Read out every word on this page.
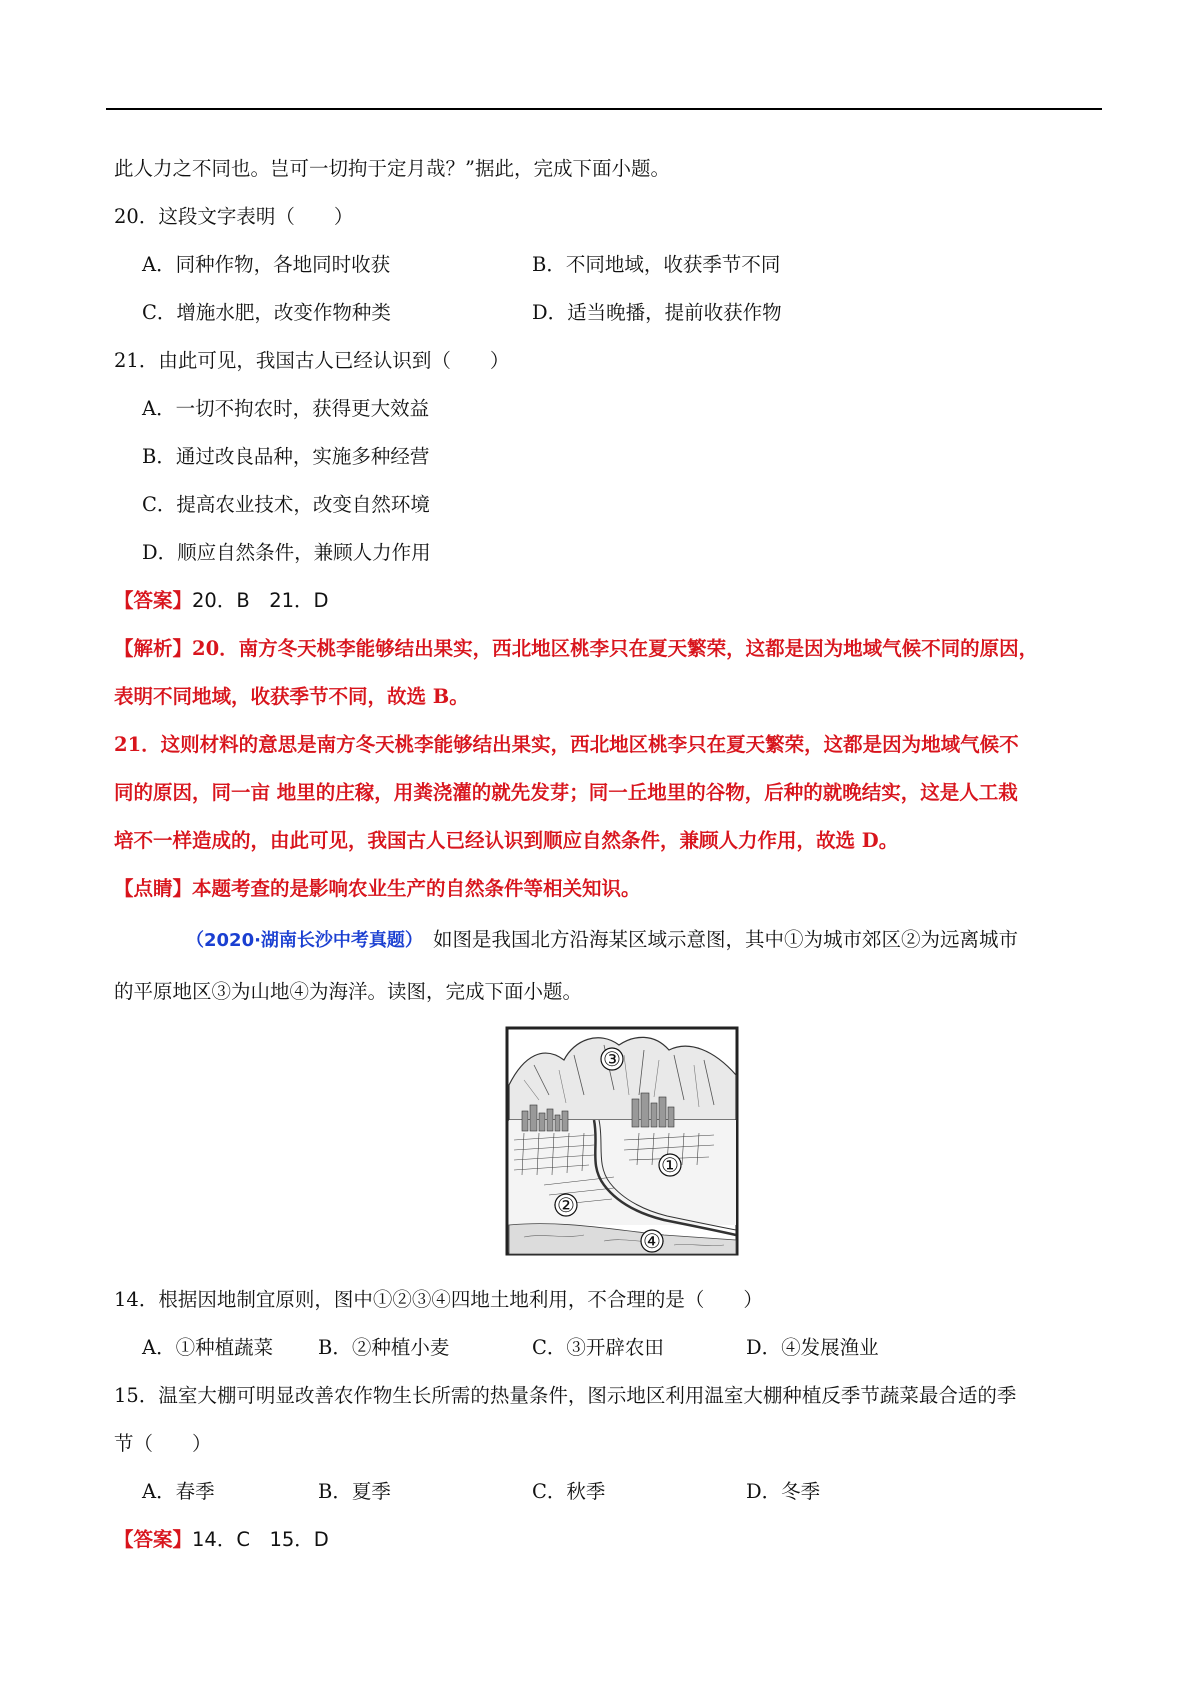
此人力之不同也。岂可一切拘于定月哉？”据此，完成下面小题。
20．这段文字表明（　　）
A．同种作物，各地同时收获	B．不同地域，收获季节不同
C．增施水肥，改变作物种类	D．适当晚播，提前收获作物
21．由此可见，我国古人已经认识到（　　）
A．一切不拘农时，获得更大效益
B．通过改良品种，实施多种经营
C．提高农业技术，改变自然环境
D．顺应自然条件，兼顾人力作用
【答案】20．B　21．D
【解析】20．南方冬天桃李能够结出果实，西北地区桃李只在夏天繁荣，这都是因为地域气候不同的原因，
表明不同地域，收获季节不同，故选 B。
21．这则材料的意思是南方冬天桃李能够结出果实，西北地区桃李只在夏天繁荣，这都是因为地域气候不
同的原因，同一亩 地里的庄稼，用粪浇灌的就先发芽；同一丘地里的谷物，后种的就晚结实，这是人工栽
培不一样造成的，由此可见，我国古人已经认识到顺应自然条件，兼顾人力作用，故选 D。
【点睛】本题考查的是影响农业生产的自然条件等相关知识。
（2020·湖南长沙中考真题） 如图是我国北方沿海某区域示意图，其中①为城市郊区②为远离城市
的平原地区③为山地④为海洋。读图，完成下面小题。
③
①
②
④
14．根据因地制宜原则，图中①②③④四地土地利用，不合理的是（　　）
A．①种植蔬菜 B．②种植小麦	C．③开辟农田	D．④发展渔业
15．温室大棚可明显改善农作物生长所需的热量条件，图示地区利用温室大棚种植反季节蔬菜最合适的季
节（　　）
A．春季	B．夏季	C．秋季	D．冬季
【答案】14．C　15．D
